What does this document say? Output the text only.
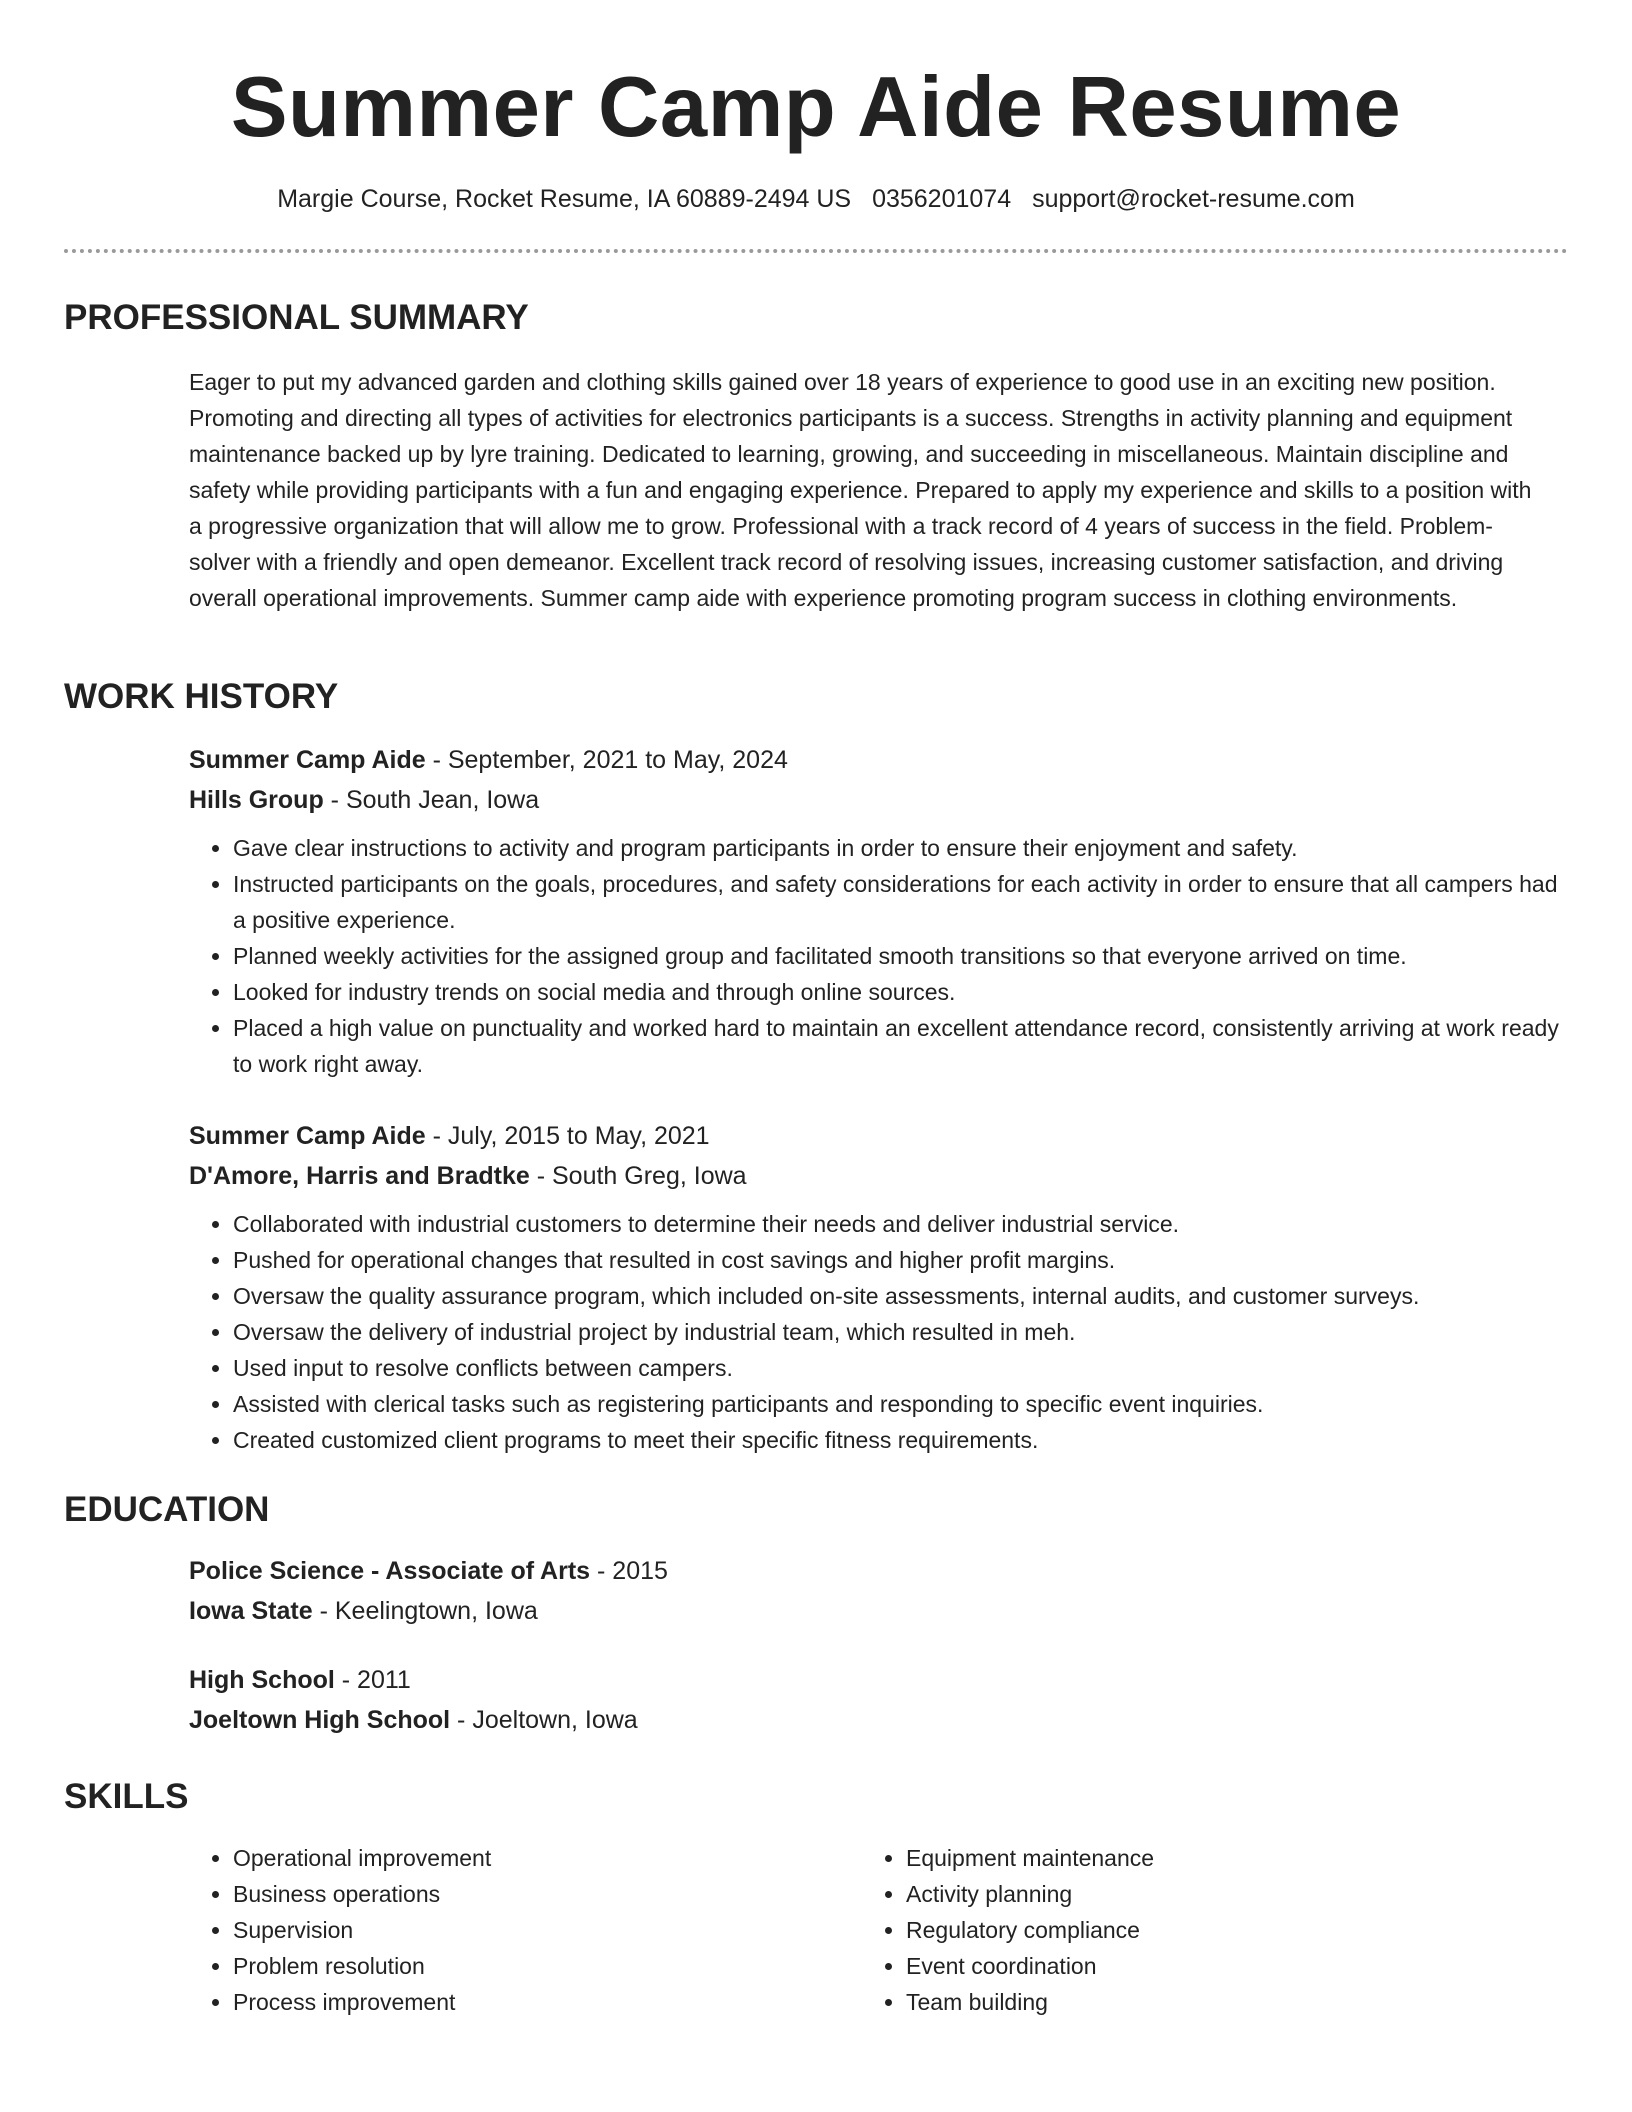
Summer Camp Aide Resume
Margie Course, Rocket Resume, IA 60889-2494 US 0356201074 support@rocket-resume.com
PROFESSIONAL SUMMARY

Eager to put my advanced garden and clothing skills gained over 18 years of experience to good use in an exciting new position. Promoting and directing all types of activities for electronics participants is a success. Strengths in activity planning and equipment maintenance backed up by lyre training. Dedicated to learning, growing, and succeeding in miscellaneous. Maintain discipline and safety while providing participants with a fun and engaging experience. Prepared to apply my experience and skills to a position with a progressive organization that will allow me to grow. Professional with a track record of 4 years of success in the field. Problem-solver with a friendly and open demeanor. Excellent track record of resolving issues, increasing customer satisfaction, and driving overall operational improvements. Summer camp aide with experience promoting program success in clothing environments.

WORK HISTORY
Summer Camp Aide - September, 2021 to May, 2024
Hills Group - South Jean, Iowa
• Gave clear instructions to activity and program participants in order to ensure their enjoyment and safety.
• Instructed participants on the goals, procedures, and safety considerations for each activity in order to ensure that all campers had a positive experience.
• Planned weekly activities for the assigned group and facilitated smooth transitions so that everyone arrived on time.
• Looked for industry trends on social media and through online sources.
• Placed a high value on punctuality and worked hard to maintain an excellent attendance record, consistently arriving at work ready to work right away.
Summer Camp Aide - July, 2015 to May, 2021
D'Amore, Harris and Bradtke - South Greg, Iowa
• Collaborated with industrial customers to determine their needs and deliver industrial service.
• Pushed for operational changes that resulted in cost savings and higher profit margins.
• Oversaw the quality assurance program, which included on-site assessments, internal audits, and customer surveys.
• Oversaw the delivery of industrial project by industrial team, which resulted in meh.
• Used input to resolve conflicts between campers.
• Assisted with clerical tasks such as registering participants and responding to specific event inquiries.
• Created customized client programs to meet their specific fitness requirements.
EDUCATION
Police Science - Associate of Arts - 2015
Iowa State - Keelingtown, Iowa
High School - 2011
Joeltown High School - Joeltown, Iowa
SKILLS
• Operational improvement
• Business operations
• Supervision
• Problem resolution
• Process improvement
• Equipment maintenance
• Activity planning
• Regulatory compliance
• Event coordination
• Team building
